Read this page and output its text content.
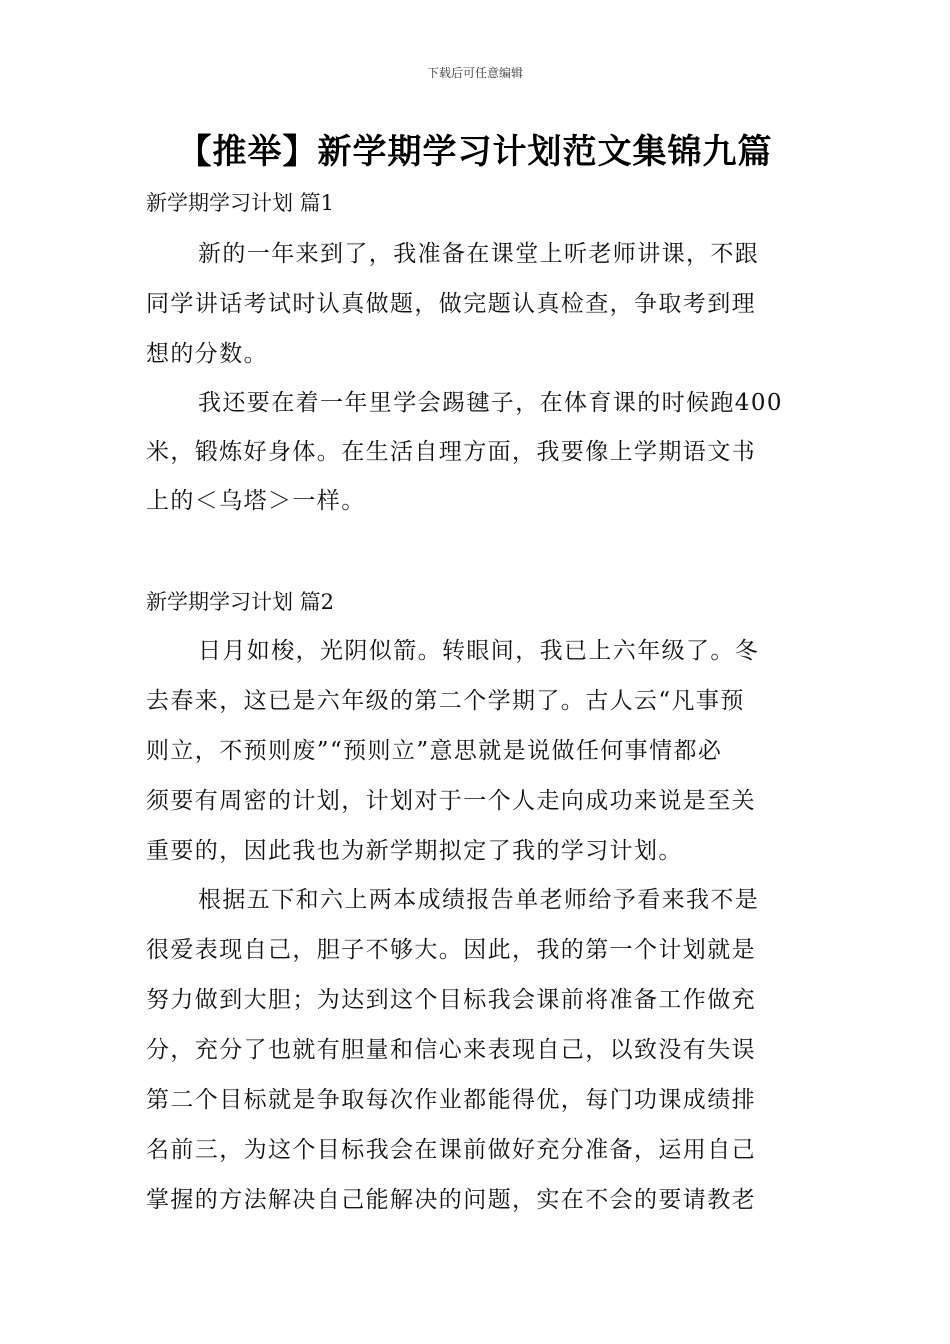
下载后可任意编辑
【推举】新学期学习计划范文集锦九篇
新学期学习计划 篇1
新的一年来到了，我准备在课堂上听老师讲课，不跟
同学讲话考试时认真做题，做完题认真检查，争取考到理
想的分数。
我还要在着一年里学会踢毽子，在体育课的时候跑400
米，锻炼好身体。在生活自理方面，我要像上学期语文书
上的＜乌塔＞一样。
新学期学习计划 篇2
日月如梭，光阴似箭。转眼间，我已上六年级了。冬
去春来，这已是六年级的第二个学期了。古人云“凡事预
则立，不预则废”“预则立”意思就是说做任何事情都必
须要有周密的计划，计划对于一个人走向成功来说是至关
重要的，因此我也为新学期拟定了我的学习计划。
根据五下和六上两本成绩报告单老师给予看来我不是
很爱表现自己，胆子不够大。因此，我的第一个计划就是
努力做到大胆；为达到这个目标我会课前将准备工作做充
分，充分了也就有胆量和信心来表现自己，以致没有失误
第二个目标就是争取每次作业都能得优，每门功课成绩排
名前三，为这个目标我会在课前做好充分准备，运用自己
掌握的方法解决自己能解决的问题，实在不会的要请教老
